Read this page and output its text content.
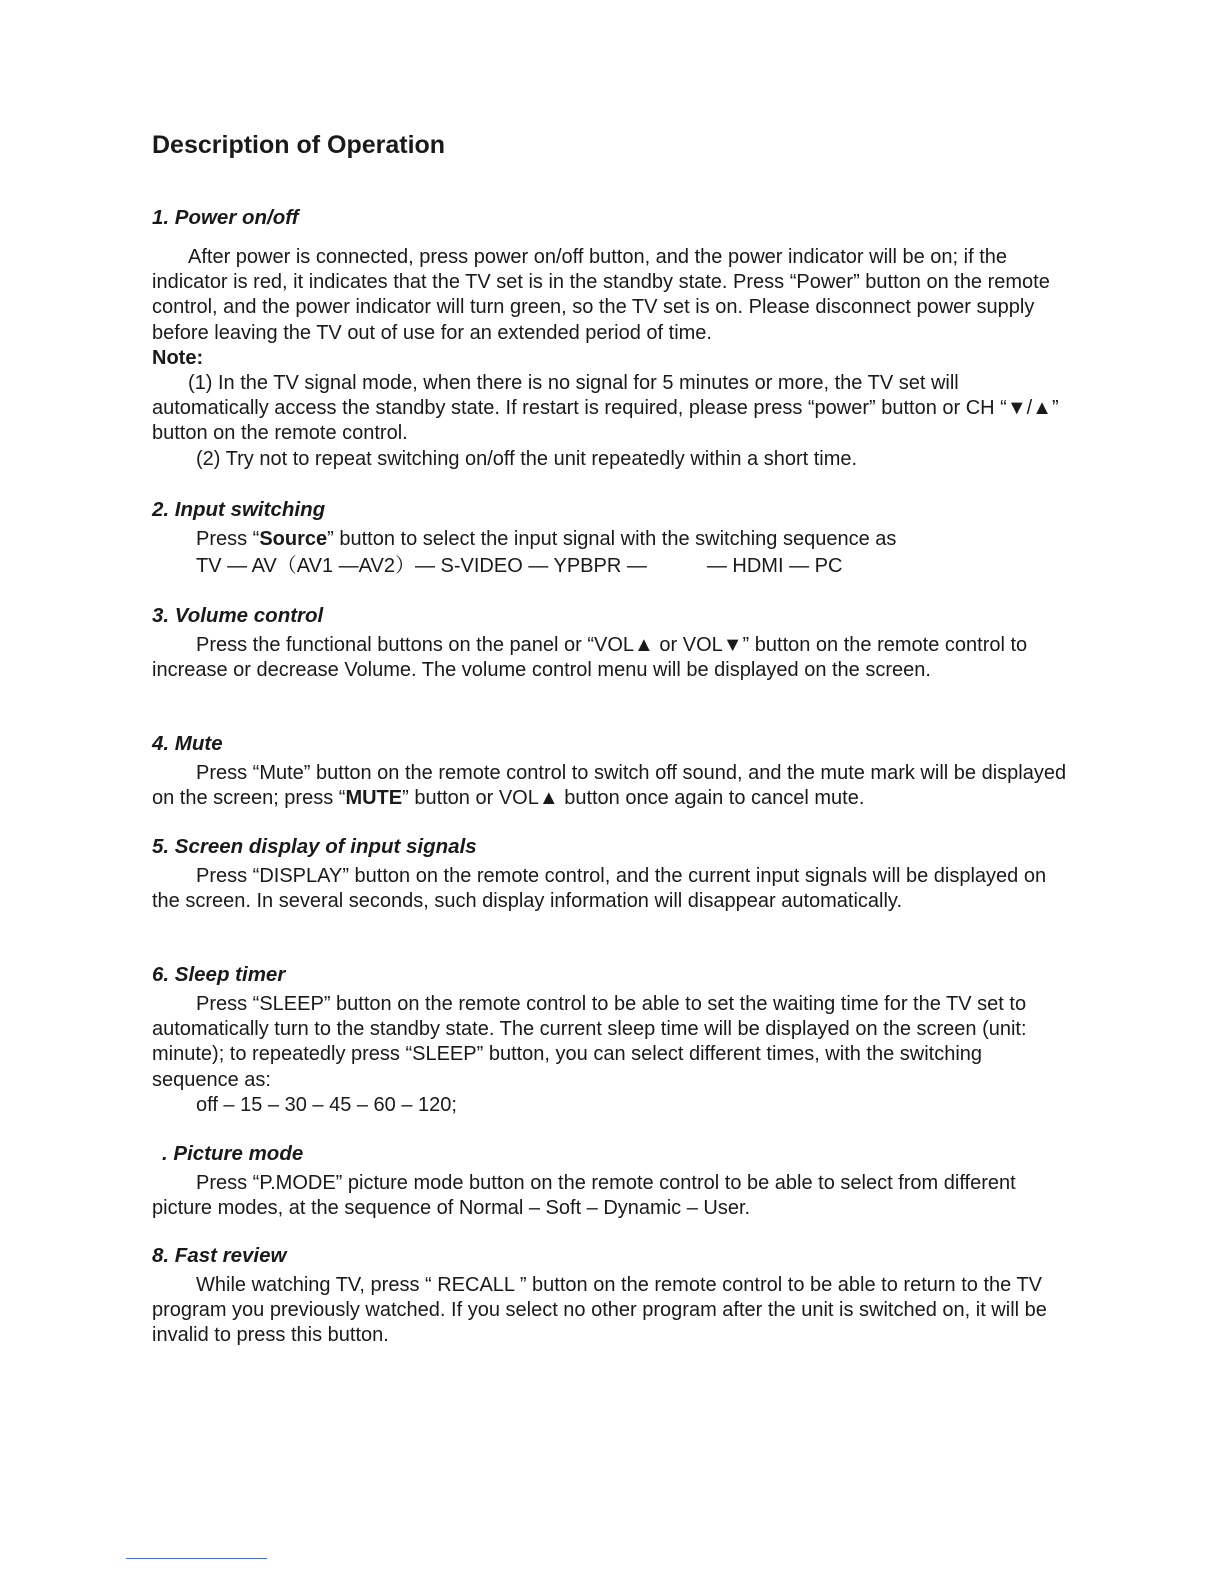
Description of Operation
1. Power on/off

After power is connected, press power on/off button, and the power indicator will be on; if the indicator is red, it indicates that the TV set is in the standby state. Press “Power” button on the remote control, and the power indicator will turn green, so the TV set is on. Please disconnect power supply before leaving the TV out of use for an extended period of time.

Note:

(1) In the TV signal mode, when there is no signal for 5 minutes or more, the TV set will automatically access the standby state. If restart is required, please press “power” button or CH “▼/▲” button on the remote control.

(2) Try not to repeat switching on/off the unit repeatedly within a short time.

2. Input switching

Press “Source” button to select the input signal with the switching sequence as

TV — AV（AV1 —AV2）— S-VIDEO — YPBPR —	— HDMI — PC

3. Volume control

Press the functional buttons on the panel or “VOL▲ or VOL▼” button on the remote control to increase or decrease Volume. The volume control menu will be displayed on the screen.

4. Mute

Press “Mute” button on the remote control to switch off sound, and the mute mark will be displayed on the screen; press “MUTE” button or VOL▲ button once again to cancel mute.

5. Screen display of input signals

Press “DISPLAY” button on the remote control, and the current input signals will be displayed on the screen. In several seconds, such display information will disappear automatically.

6. Sleep timer

Press “SLEEP” button on the remote control to be able to set the waiting time for the TV set to automatically turn to the standby state. The current sleep time will be displayed on the screen (unit: minute); to repeatedly press “SLEEP” button, you can select different times, with the switching sequence as:

off – 15 – 30 – 45 – 60 – 120;

. Picture mode

Press “P.MODE” picture mode button on the remote control to be able to select from different picture modes, at the sequence of Normal – Soft – Dynamic – User.

8. Fast review

While watching TV, press “ RECALL ” button on the remote control to be able to return to the TV program you previously watched. If you select no other program after the unit is switched on, it will be invalid to press this button.
